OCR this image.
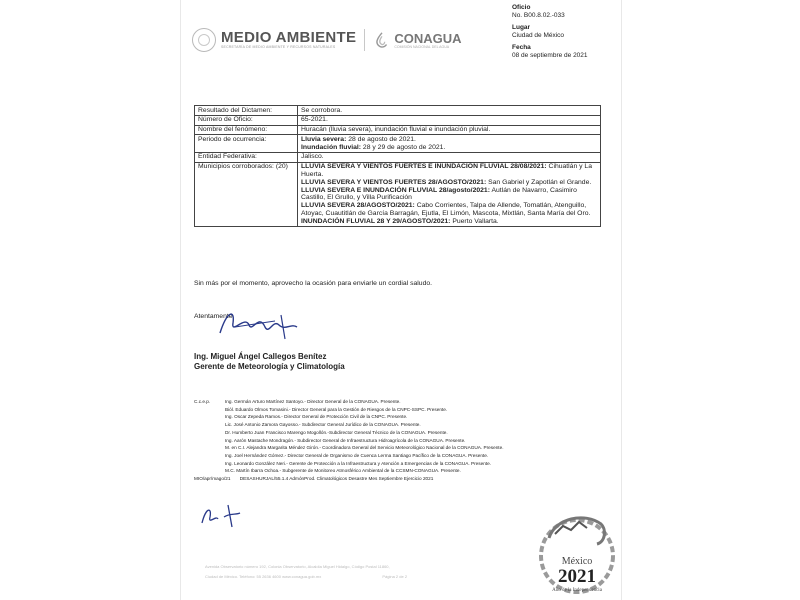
MEDIO AMBIENTE
SECRETARÍA DE MEDIO AMBIENTE Y RECURSOS NATURALES
CONAGUA
COMISIÓN NACIONAL DEL AGUA
Oficio
No. B00.8.02.-033
Lugar
Ciudad de México
Fecha
08 de septiembre de 2021
Resultado del Dictamen:	Se corrobora.
Número de Oficio:	65-2021.
Nombre del fenómeno:	Huracán (lluvia severa), inundación fluvial e inundación pluvial.
Periodo de ocurrencia:	Lluvia severa: 28 de agosto de 2021.
Inundación fluvial: 28 y 29 de agosto de 2021.

Entidad Federativa:	Jalisco.
Municipios corroborados: (20)	LLUVIA SEVERA Y VIENTOS FUERTES E INUNDACIÓN FLUVIAL 28/08/2021: Cihuatlán y La Huerta.
LLUVIA SEVERA Y VIENTOS FUERTES 28/AGOSTO/2021: San Gabriel y Zapotlán el Grande.
LLUVIA SEVERA E INUNDACIÓN FLUVIAL 28/agosto/2021: Autlán de Navarro, Casimiro Castillo, El Grullo, y Villa Purificación
LLUVIA SEVERA 28/AGOSTO/2021: Cabo Corrientes, Talpa de Allende, Tomatlán, Atenguillo, Atoyac, Cuautitlán de García Barragán, Ejutla, El Limón, Mascota, Mixtlán, Santa María del Oro.
INUNDACIÓN FLUVIAL 28 Y 29/AGOSTO/2021: Puerto Vallarta.
Sin más por el momento, aprovecho la ocasión para enviarle un cordial saludo.
Atentamente
Ing. Miguel Ángel Callegos Benítez
Gerente de Meteorología y Climatología
C.c.e.p.	Ing. Germán Arturo Martínez Santoyo.- Director General de la CONAGUA. Presente.
Biól. Eduardo Olmos Tomasini.- Director General para la Gestión de Riesgos de la CNPC-SSPC. Presente.
Ing. Oscar Zepeda Ramos.- Director General de Protección Civil de la CNPC. Presente.
Lic. José Antonio Zamora Gayosso.- Subdirector General Jurídico de la CONAGUA. Presente.
Dr. Humberto Juan Francisco Marengo Mogollón.-Subdirector General Técnico de la CONAGUA. Presente.
Ing. Aarón Mastache Mondragón.- Subdirector General de Infraestructura Hidroagrícola de la CONAGUA. Presente.
M. en C.I. Alejandra Margarita Méndez Girón.- Coordinadora General del Servicio Meteorológico Nacional de la CONAGUA. Presente.
Ing. Joel Hernández Gómez.- Director General de Organismo de Cuenca Lerma Santiago Pacífico de la CONAGUA. Presente.
Ing. Leonardo González Neri.- Gerente de Protección a la Infraestructura y Atención a Emergencias de la CONAGUA. Presente.
M.C. Martín Ibarra Ochoa.- Subgerente de Monitoreo Atmosférico Ambiental de la CCSMN-CONAGUA. Presente.
MIO/apr/mago/21 DESASHURJAL/55.1.4 AdmónProd. Climatológicos Desastre Mes Septiembre Ejercicio 2021
Avenida Observatorio número 192, Colonia Observatorio, Alcaldía Miguel Hidalgo, Código Postal 11860,
Ciudad de México. Teléfono: 55 2636 4600 www.conagua.gob.mx	Página 2 de 2
México
2021
Año de la Independencia
